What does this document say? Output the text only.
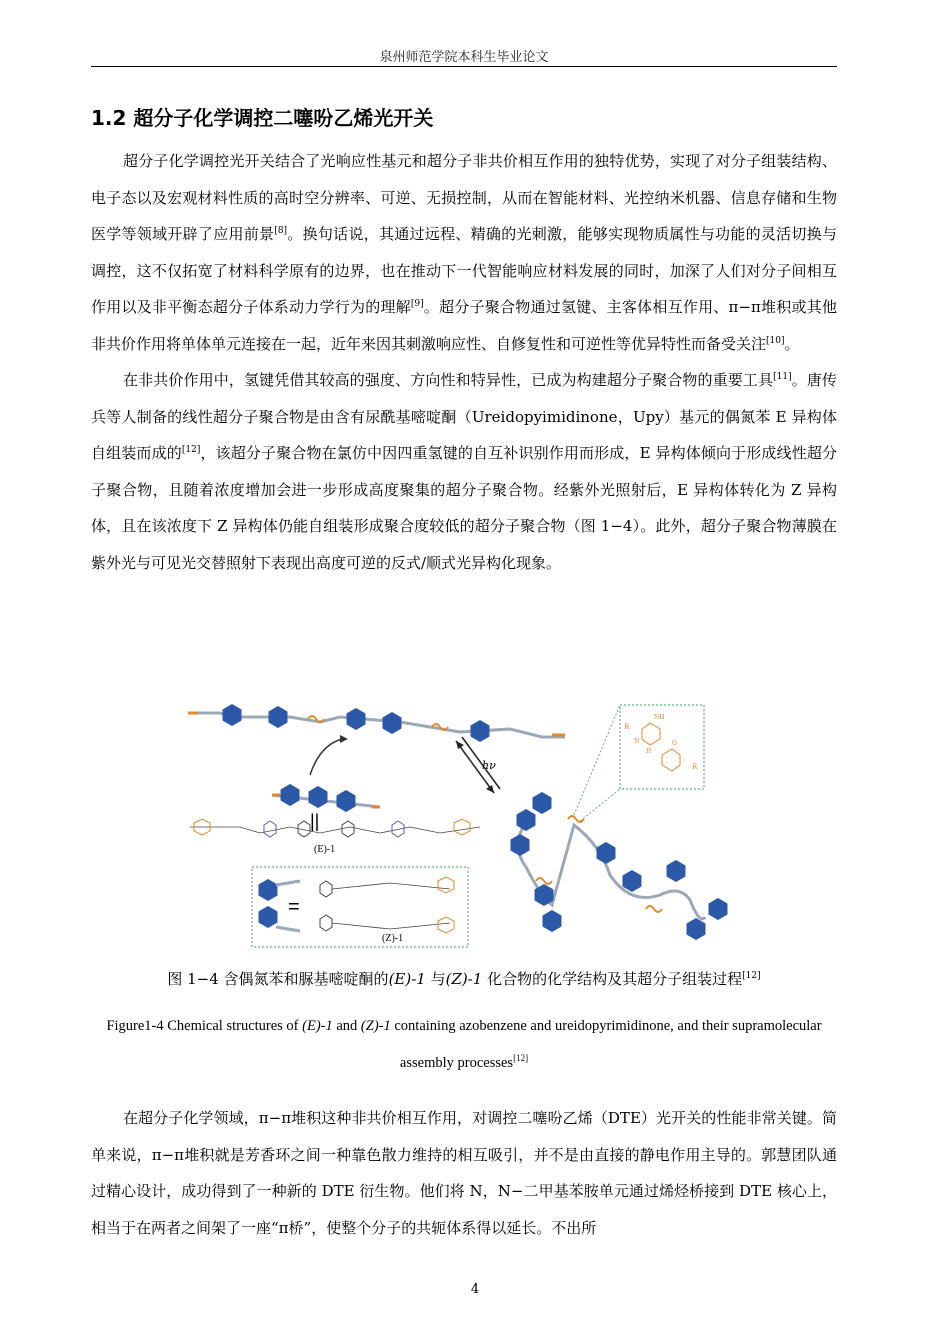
泉州师范学院本科生毕业论文
1.2 超分子化学调控二噻吩乙烯光开关

超分子化学调控光开关结合了光响应性基元和超分子非共价相互作用的独特优势，实现了对分子组装结构、电子态以及宏观材料性质的高时空分辨率、可逆、无损控制，从而在智能材料、光控纳米机器、信息存储和生物医学等领域开辟了应用前景[8]。换句话说，其通过远程、精确的光刺激，能够实现物质属性与功能的灵活切换与调控，这不仅拓宽了材料科学原有的边界，也在推动下一代智能响应材料发展的同时，加深了人们对分子间相互作用以及非平衡态超分子体系动力学行为的理解[9]。超分子聚合物通过氢键、主客体相互作用、π−π堆积或其他非共价作用将单体单元连接在一起，近年来因其刺激响应性、自修复性和可逆性等优异特性而备受关注[10]。

在非共价作用中，氢键凭借其较高的强度、方向性和特异性，已成为构建超分子聚合物的重要工具[11]。唐传兵等人制备的线性超分子聚合物是由含有尿酰基嘧啶酮（Ureidopyimidinone，Upy）基元的偶氮苯 E 异构体自组装而成的[12]，该超分子聚合物在氯仿中因四重氢键的自互补识别作用而形成，E 异构体倾向于形成线性超分子聚合物，且随着浓度增加会进一步形成高度聚集的超分子聚合物。经紫外光照射后，E 异构体转化为 Z 异构体，且在该浓度下 Z 异构体仍能自组装形成聚合度较低的超分子聚合物（图 1−4）。此外，超分子聚合物薄膜在紫外光与可见光交替照射下表现出高度可逆的反式/顺式光异构化现象。

||
(E)-1
=
(Z)-1
hν
R
R
NH
N
H
O
图 1−4 含偶氮苯和脲基嘧啶酮的(E)-1 与(Z)-1 化合物的化学结构及其超分子组装过程[12]
Figure1-4 Chemical structures of (E)-1 and (Z)-1 containing azobenzene and ureidopyrimidinone, and their supramolecular assembly processes[12]

在超分子化学领域，π−π堆积这种非共价相互作用，对调控二噻吩乙烯（DTE）光开关的性能非常关键。简单来说，π−π堆积就是芳香环之间一种靠色散力维持的相互吸引，并不是由直接的静电作用主导的。郭慧团队通过精心设计，成功得到了一种新的 DTE 衍生物。他们将 N，N−二甲基苯胺单元通过烯烃桥接到 DTE 核心上，相当于在两者之间架了一座“π桥”，使整个分子的共轭体系得以延长。不出所

4
